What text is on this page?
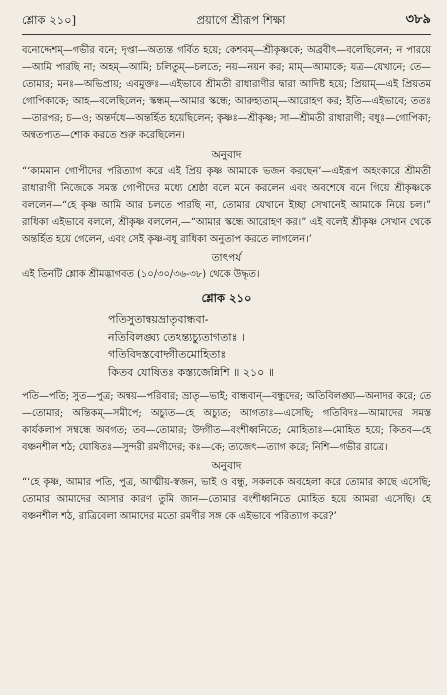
শ্লোক ২১০]	প্রয়াগে শ্রীরূপ শিক্ষা	৩৮৯

বনোদ্দেশম্—গভীর বনে; দৃপ্তা—অত্যন্ত গর্বিত হয়ে; কেশবম্—শ্রীকৃষ্ণকে; অব্রবীৎ—বলেছিলেন; ন পারয়ে—আমি পারছি না; অহম্—আমি; চলিতুম্—চলতে; নয়—নয়ন কর; মাম্—আমাকে; যত্র—যেখানে; তে—তোমার; মনঃ—অভিপ্রায়; এবমুক্তঃ—এইভাবে শ্রীমতী রাধারাণীর দ্বারা আদিষ্ট হয়ে; প্রিয়াম্—এই প্রিয়তম গোপিকাকে; আহ—বলেছিলেন; স্কন্ধম্—আমার স্কন্ধে; আরুহ্যতাম্—আরোহণ কর; ইতি—এইভাবে; ততঃ—তারপর; চ—ও; অন্তর্দধে—অন্তর্হিত হয়েছিলেন; কৃষ্ণঃ—শ্রীকৃষ্ণ; সা—শ্রীমতী রাধারাণী; বধূঃ—গোপিকা; অন্বতপ্যত—শোক করতে শুরু করেছিলেন।

অনুবাদ

“‘কামমান গোপীদের পরিত্যাগ করে এই প্রিয় কৃষ্ণ আমাকে ভজন করছেন’—এইরূপ অহংকারে শ্রীমতী রাধারাণী নিজেকে সমস্ত গোপীদের মধ্যে শ্রেষ্ঠা বলে মনে করলেন এবং অবশেষে বনে গিয়ে শ্রীকৃষ্ণকে বললেন—“হে কৃষ্ণ আমি আর চলতে পারছি না, তোমার যেখানে ইচ্ছা সেখানেই আমাকে নিয়ে চল।” রাধিকা এইভাবে বললে, শ্রীকৃষ্ণ বললেন,—“আমার স্কন্ধে আরোহণ কর।” এই বলেই শ্রীকৃষ্ণ সেখান থেকে অন্তর্হিত হয়ে গেলেন, এবং সেই কৃষ্ণ-বধূ রাধিকা অনুতাপ করতে লাগলেন।’

তাৎপর্য

এই তিনটি শ্লোক শ্রীমদ্ভাগবত (১০/৩০/৩৬-৩৮) থেকে উদ্ধৃত।

শ্লোক ২১০
পতিসুতান্বয়ভ্রাতৃবান্ধবা-
নতিবিলঙ্ঘ্য তেঽন্ত্যচ্যুতাগতাঃ ।
গতিবিদস্তবোদ্গীতমোহিতাঃ
কিতব যোষিতঃ কস্ত্যজেন্নিশি ॥ ২১০ ॥

পতি—পতি; সুত—পুত্র; অন্বয়—পরিবার; ভ্রাতৃ—ভাই; বান্ধবান্—বন্ধুদের; অতিবিলঙ্ঘ্য—অনাদর করে; তে—তোমার; অন্তিকম্—সমীপে; অচ্যুত—হে অচ্যুত; আগতাঃ—এসেছি; গতিবিদঃ—আমাদের সমস্ত কার্যকলাপ সম্বন্ধে অবগত; তব—তোমার; উদ্গীত—বংশীধ্বনিতে; মোহিতাঃ—মোহিত হয়ে; কিতব—হে বঞ্চনশীল শঠ; যোষিতঃ—সুন্দরী রমণীদের; কঃ—কে; ত্যজেৎ—ত্যাগ করে; নিশি—গভীর রাত্রে।

অনুবাদ

“‘হে কৃষ্ণ, আমার পতি, পুত্র, আত্মীয়-স্বজন, ভাই ও বন্ধু, সকলকে অবহেলা করে তোমার কাছে এসেছি; তোমার আমাদের আসার কারণ তুমি জান—তোমার বংশীধ্বনিতে মোহিত হয়ে আমরা এসেছি। হে বঞ্চনশীল শঠ, রাত্রিবেলা আমাদের মতো রমণীর সঙ্গ কে এইভাবে পরিত্যাগ করে?’
